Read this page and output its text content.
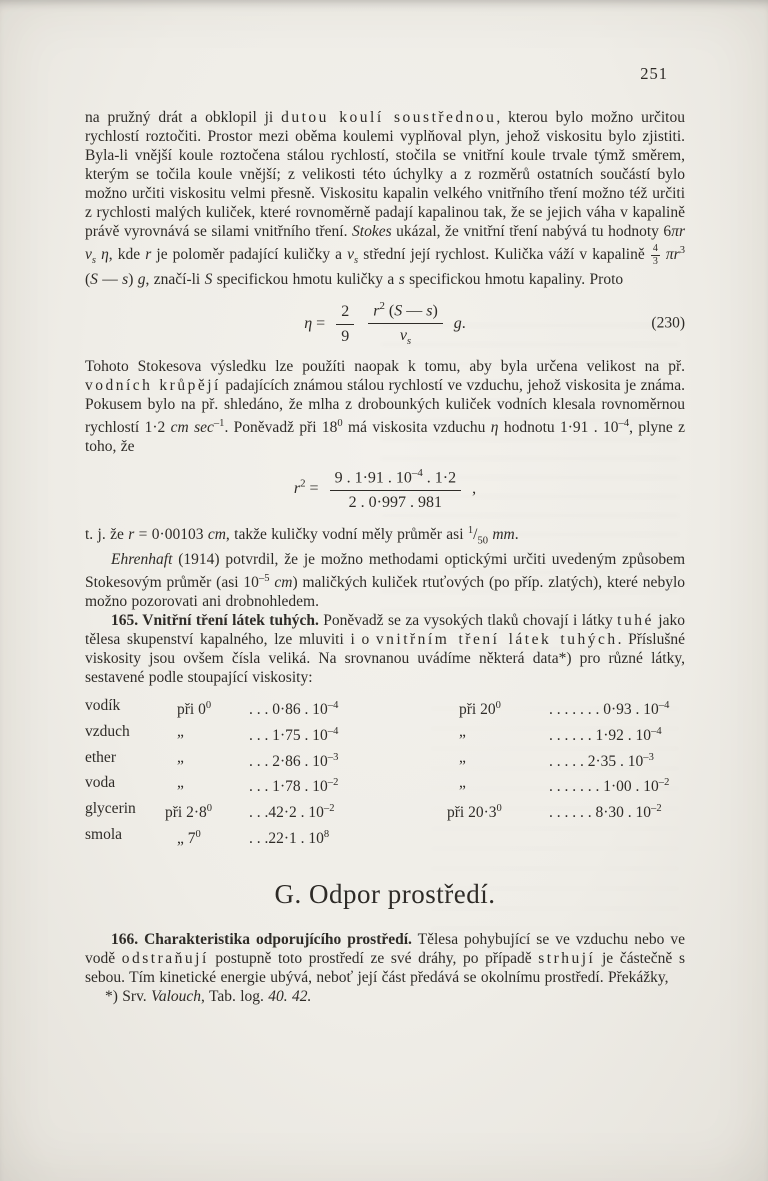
251

na pružný drát a obklopil ji dutou koulí soustřednou, kterou bylo možno určitou rychlostí roztočiti. Prostor mezi oběma koulemi vyplňoval plyn, jehož viskositu bylo zjistiti. Byla-li vnější koule roztočena stálou rychlostí, stočila se vnitřní koule trvale týmž směrem, kterým se točila koule vnější; z velikosti této úchylky a z rozměrů ostatních součástí bylo možno určiti viskositu velmi přesně. Viskositu kapalin velkého vnitřního tření možno též určiti z rychlosti malých kuliček, které rovnoměrně padají kapalinou tak, že se jejich váha v kapalině právě vyrovnává se silami vnitřního tření. Stokes ukázal, že vnitřní tření nabývá tu hodnoty 6πr $v_s$ η, kde r je poloměr padající kuličky a $v_s$ střední její rychlost. Kulička váží v kapalině $\frac{4}{3} \pi r^3$ (S — s) g, značí-li S specifickou hmotu kuličky a s specifickou hmotu kapaliny. Proto

$\eta = \frac{2}{9} \frac{r^2 (S — s)}{v_s} g$.	(230)

Tohoto Stokesova výsledku lze použíti naopak k tomu, aby byla určena velikost na př. vodních krůpějí padajících známou stálou rychlostí ve vzduchu, jehož viskosita je známa. Pokusem bylo na př. shledáno, že mlha z drobounkých kuliček vodních klesala rovnoměrnou rychlostí 1·2 cm $\sec^{-1}$. Poněvadž při $18^0$ má viskosita vzduchu η hodnotu 1·91 . $10^{-4}$, plyne z toho, že

$r^2 = \frac{9 . 1\cdot 91 . 10^{-4} . 1\cdot 2}{2 . 0\cdot 997 . 981}$ ,

t. j. že r = 0·00103 cm, takže kuličky vodní měly průměr asi $^1/_{50}$ mm.

Ehrenhaft (1914) potvrdil, že je možno methodami optickými určiti uvedeným způsobem Stokesovým průměr (asi $10^{-5}$ cm) maličkých kuliček rtuťových (po příp. zlatých), které nebylo možno pozorovati ani drobnohledem.

165. Vnitřní tření látek tuhých. Poněvadž se za vysokých tlaků chovají i látky tuhé jako tělesa skupenství kapalného, lze mluviti i o vnitřním tření látek tuhých. Příslušné viskosity jsou ovšem čísla veliká. Na srovnanou uvádíme některá data*) pro různé látky, sestavené podle stoupající viskosity:

vodík	při $0^0$	. . . 0·86 . $10^{-4}$	při $20^0$	. . . . . . . 0·93 . $10^{-4}$
vzduch	„	. . . 1·75 . $10^{-4}$	„	. . . . . . 1·92 . $10^{-4}$
ether	„	. . . 2·86 . $10^{-3}$	„	. . . . . 2·35 . $10^{-3}$
voda	„	. . . 1·78 . $10^{-2}$	„	. . . . . . . 1·00 . $10^{-2}$
glycerin	při $2\cdot 8^0$	. . .42·2 . $10^{-2}$	při $20\cdot 3^0$	. . . . . . 8·30 . $10^{-2}$
smola	„ $7^0$	. . .22·1 . $10^8$
G. Odpor prostředí.

166. Charakteristika odporujícího prostředí. Tělesa pohybující se ve vzduchu nebo ve vodě odstraňují postupně toto prostředí ze své dráhy, po případě strhují je částečně s sebou. Tím kinetické energie ubývá, neboť její část předává se okolnímu prostředí. Překážky,

*) Srv. Valouch, Tab. log. 40. 42.
